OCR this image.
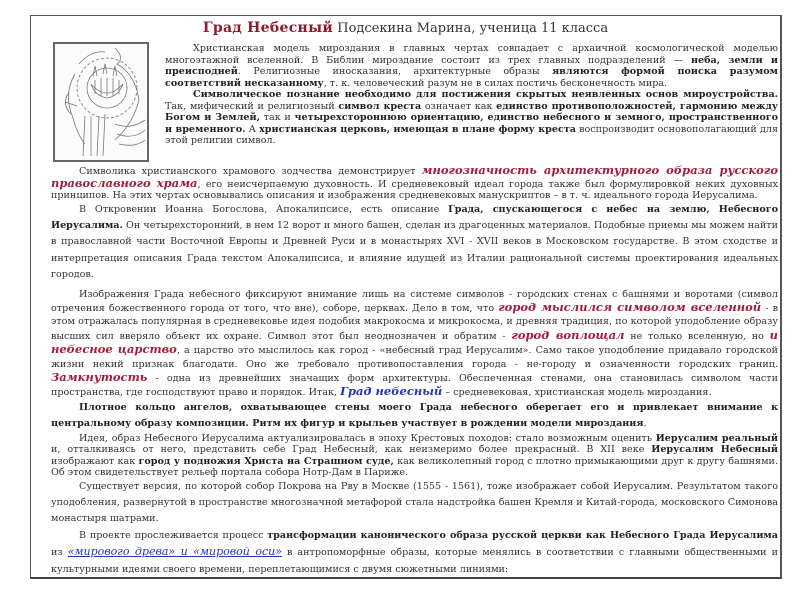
Град Небесный Подсекина Марина, ученица 11 класса

Христианская модель мироздания в главных чертах совпадает с архаичной космологической моделью многоэтажной вселенной. В Библии мироздание состоит из трех главных подразделений — неба, земли и преисподней. Религиозные иносказания, архитектурные образы являются формой поиска разумом соответствий несказанному, т. к. человеческий разум не в силах постичь бесконечность мира.

Символическое познание необходимо для постижения скрытых неявленных основ мироустройства. Так, мифический и религиозный символ креста означает как единство противоположностей, гармонию между Богом и Землей, так и четырехстороннюю ориентацию, единство небесного и земного, пространственного и временного. А христианская церковь, имеющая в плане форму креста воспроизводит основополагающий для этой религии символ.

Символика христианского храмового зодчества демонстрирует многозначность архитектурного образа русского православного храма, его неисчерпаемую духовность. И средневековый идеал города также был формулировкой неких духовных принципов. На этих чертах основывались описания и изображения средневековых манускриптов – в т. ч. идеального города Иерусалима.

В Откровении Иоанна Богослова, Апокалипсисе, есть описание Града, спускающегося с небес на землю, Небесного Иерусалима. Он четырехсторонний, в нем 12 ворот и много башен, сделан из драгоценных материалов. Подобные приемы мы можем найти в православной части Восточной Европы и Древней Руси и в монастырях XVI - XVII веков в Московском государстве. В этом сходстве и интерпретация описания Града текстом Апокалипсиса, и влияние идущей из Италии рациональной системы проектирования идеальных городов.

Изображения Града небесного фиксируют внимание лишь на системе символов - городских стенах с башнями и воротами (символ отречения божественного города от того, что вне), соборе, церквах. Дело в том, что город мыслился символом вселенной - в этом отражалась популярная в средневековье идея подобия макрокосма и микрокосма, и древняя традиция, по которой уподобление образу высших сил вверяло объект их охране. Символ этот был неоднозначен и обратим - город воплощал не только вселенную, но и небесное царство, а царство это мыслилось как город - «небесный град Иерусалим». Само такое уподобление придавало городской жизни некий признак благодати. Оно же требовало противопоставления города - не-городу и означенности городских границ. Замкнутость - одна из древнейших значащих форм архитектуры. Обеспеченная стенами, она становилась символом части пространства, где господствуют право и порядок. Итак, Град небесный – средневековая, христианская модель мироздания.

Плотное кольцо ангелов, охватывающее стены моего Града небесного оберегает его и привлекает внимание к центральному образу композиции. Ритм их фигур и крыльев участвует в рождении модели мироздания.

Идея, образ Небесного Иерусалима актуализировалась в эпоху Крестовых походов: стало возможным оценить Иерусалим реальный и, отталкиваясь от него, представить себе Град Небесный, как неизмеримо более прекрасный. В XII веке Иерусалим Небесный изображают как город у подножия Христа на Страшном суде, как великолепный город с плотно примыкающими друг к другу башнями. Об этом свидетельствует рельеф портала собора Нотр-Дам в Париже.

Существует версия, по которой собор Покрова на Рву в Москве (1555 - 1561), тоже изображает собой Иерусалим. Результатом такого уподобления, развернутой в пространстве многозначной метафорой стала надстройка башен Кремля и Китай-города, московского Симонова монастыря шатрами.

В проекте прослеживается процесс трансформации канонического образа русской церкви как Небесного Града Иерусалима из «мирового древа» и «мировой оси» в антропоморфные образы, которые менялись в соответствии с главными общественными и культурными идеями своего времени, переплетающимися с двумя сюжетными линиями:
